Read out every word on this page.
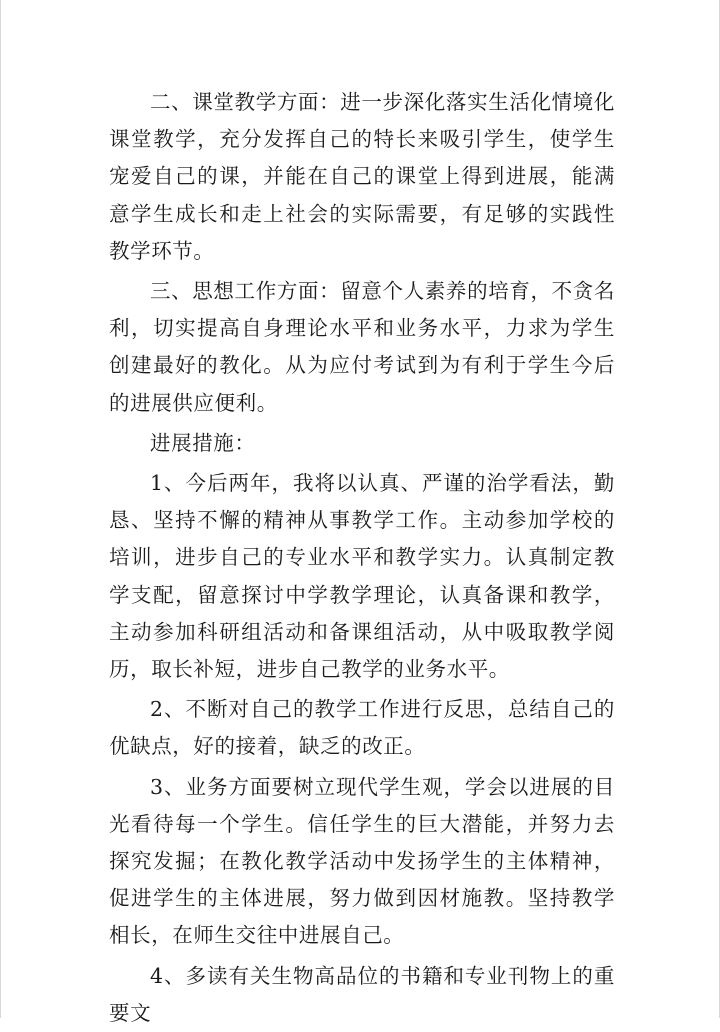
二、课堂教学方面：进一步深化落实生活化情境化课堂教学，充分发挥自己的特长来吸引学生，使学生宠爱自己的课，并能在自己的课堂上得到进展，能满意学生成长和走上社会的实际需要，有足够的实践性教学环节。

三、思想工作方面：留意个人素养的培育，不贪名利，切实提高自身理论水平和业务水平，力求为学生创建最好的教化。从为应付考试到为有利于学生今后的进展供应便利。

进展措施：

1、今后两年，我将以认真、严谨的治学看法，勤恳、坚持不懈的精神从事教学工作。主动参加学校的培训，进步自己的专业水平和教学实力。认真制定教学支配，留意探讨中学教学理论，认真备课和教学，主动参加科研组活动和备课组活动，从中吸取教学阅历，取长补短，进步自己教学的业务水平。

2、不断对自己的教学工作进行反思，总结自己的优缺点，好的接着，缺乏的改正。

3、业务方面要树立现代学生观，学会以进展的目光看待每一个学生。信任学生的巨大潜能，并努力去探究发掘；在教化教学活动中发扬学生的主体精神，促进学生的主体进展，努力做到因材施教。坚持教学相长，在师生交往中进展自己。

4、多读有关生物高品位的书籍和专业刊物上的重要文
